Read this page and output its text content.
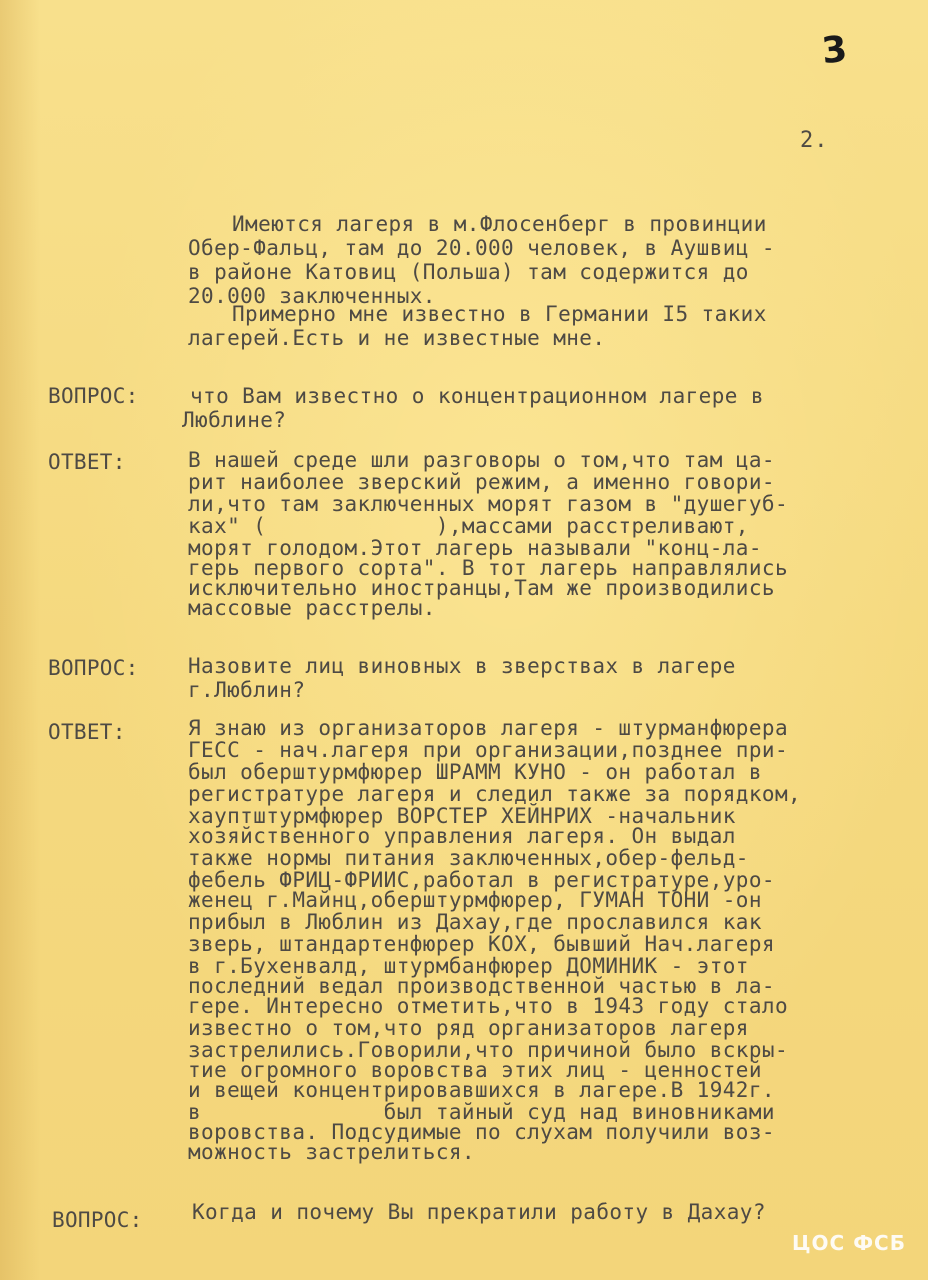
3
2.
Имеются лагеря в м.Флосенберг в провинции
Обер-Фальц, там до 20.000 человек, в Аушвиц -
в районе Катовиц (Польша) там содержится до
20.000 заключенных.
Примерно мне известно в Германии I5 таких
лагерей.Есть и не известные мне.
ВОПРОС: что Вам известно о концентрационном лагере в
Люблине?
ОТВЕТ:	В нашей среде шли разговоры о том,что там ца-
рит наиболее зверский режим, а именно говори-
ли,что там заключенных морят газом в "душегуб-
ках" (             ),массами расстреливают,
морят голодом.Этот лагерь называли "конц-ла-
герь первого сорта". В тот лагерь направлялись
исключительно иностранцы,Там же производились
массовые расстрелы.
ВОПРОС: Назовите лиц виновных в зверствах в лагере
г.Люблин?
ОТВЕТ:	Я знаю из организаторов лагеря - штурманфюрера
ГЕСС - нач.лагеря при организации,позднее при-
был оберштурмфюрер ШРАММ КУНО - он работал в
регистратуре лагеря и следил также за порядком,
хауптштурмфюрер ВОРСТЕР ХЕЙНРИХ -начальник
хозяйственного управления лагеря. Он выдал
также нормы питания заключенных,обер-фельд-
фебель ФРИЦ-ФРИИС,работал в регистратуре,уро-
женец г.Майнц,оберштурмфюрер, ГУМАН ТОНИ -он
прибыл в Люблин из Дахау,где прославился как
зверь, штандартенфюрер КОХ, бывший Нач.лагеря
в г.Бухенвалд, штурмбанфюрер ДОМИНИК - этот
последний ведал производственной частью в ла-
гере. Интересно отметить,что в 1943 году стало
известно о том,что ряд организаторов лагеря
застрелились.Говорили,что причиной было вскры-
тие огромного воровства этих лиц - ценностей
и вещей концентрировавшихся в лагере.В 1942г.
в              был тайный суд над виновниками
воровства. Подсудимые по слухам получили воз-
можность застрелиться.
ВОПРОС: Когда и почему Вы прекратили работу в Дахау?
ЦОС ФСБ
